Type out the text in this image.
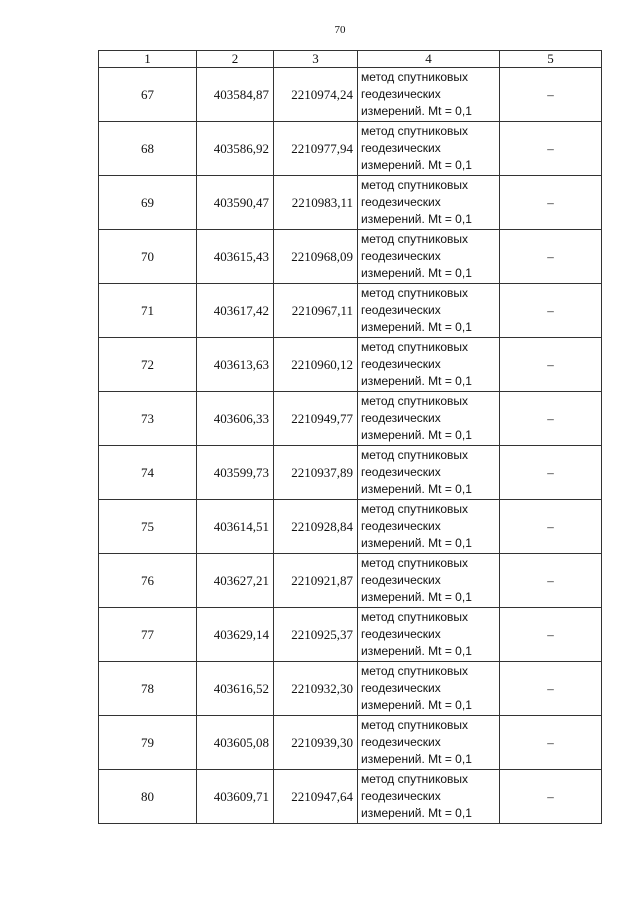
70
1	2	3	4	5
67	403584,87	2210974,24	метод спутниковых
геодезических
измерений. Mt = 0,1	–
68	403586,92	2210977,94	метод спутниковых
геодезических
измерений. Mt = 0,1	–
69	403590,47	2210983,11	метод спутниковых
геодезических
измерений. Mt = 0,1	–
70	403615,43	2210968,09	метод спутниковых
геодезических
измерений. Mt = 0,1	–
71	403617,42	2210967,11	метод спутниковых
геодезических
измерений. Mt = 0,1	–
72	403613,63	2210960,12	метод спутниковых
геодезических
измерений. Mt = 0,1	–
73	403606,33	2210949,77	метод спутниковых
геодезических
измерений. Mt = 0,1	–
74	403599,73	2210937,89	метод спутниковых
геодезических
измерений. Mt = 0,1	–
75	403614,51	2210928,84	метод спутниковых
геодезических
измерений. Mt = 0,1	–
76	403627,21	2210921,87	метод спутниковых
геодезических
измерений. Mt = 0,1	–
77	403629,14	2210925,37	метод спутниковых
геодезических
измерений. Mt = 0,1	–
78	403616,52	2210932,30	метод спутниковых
геодезических
измерений. Mt = 0,1	–
79	403605,08	2210939,30	метод спутниковых
геодезических
измерений. Mt = 0,1	–
80	403609,71	2210947,64	метод спутниковых
геодезических
измерений. Mt = 0,1	–
